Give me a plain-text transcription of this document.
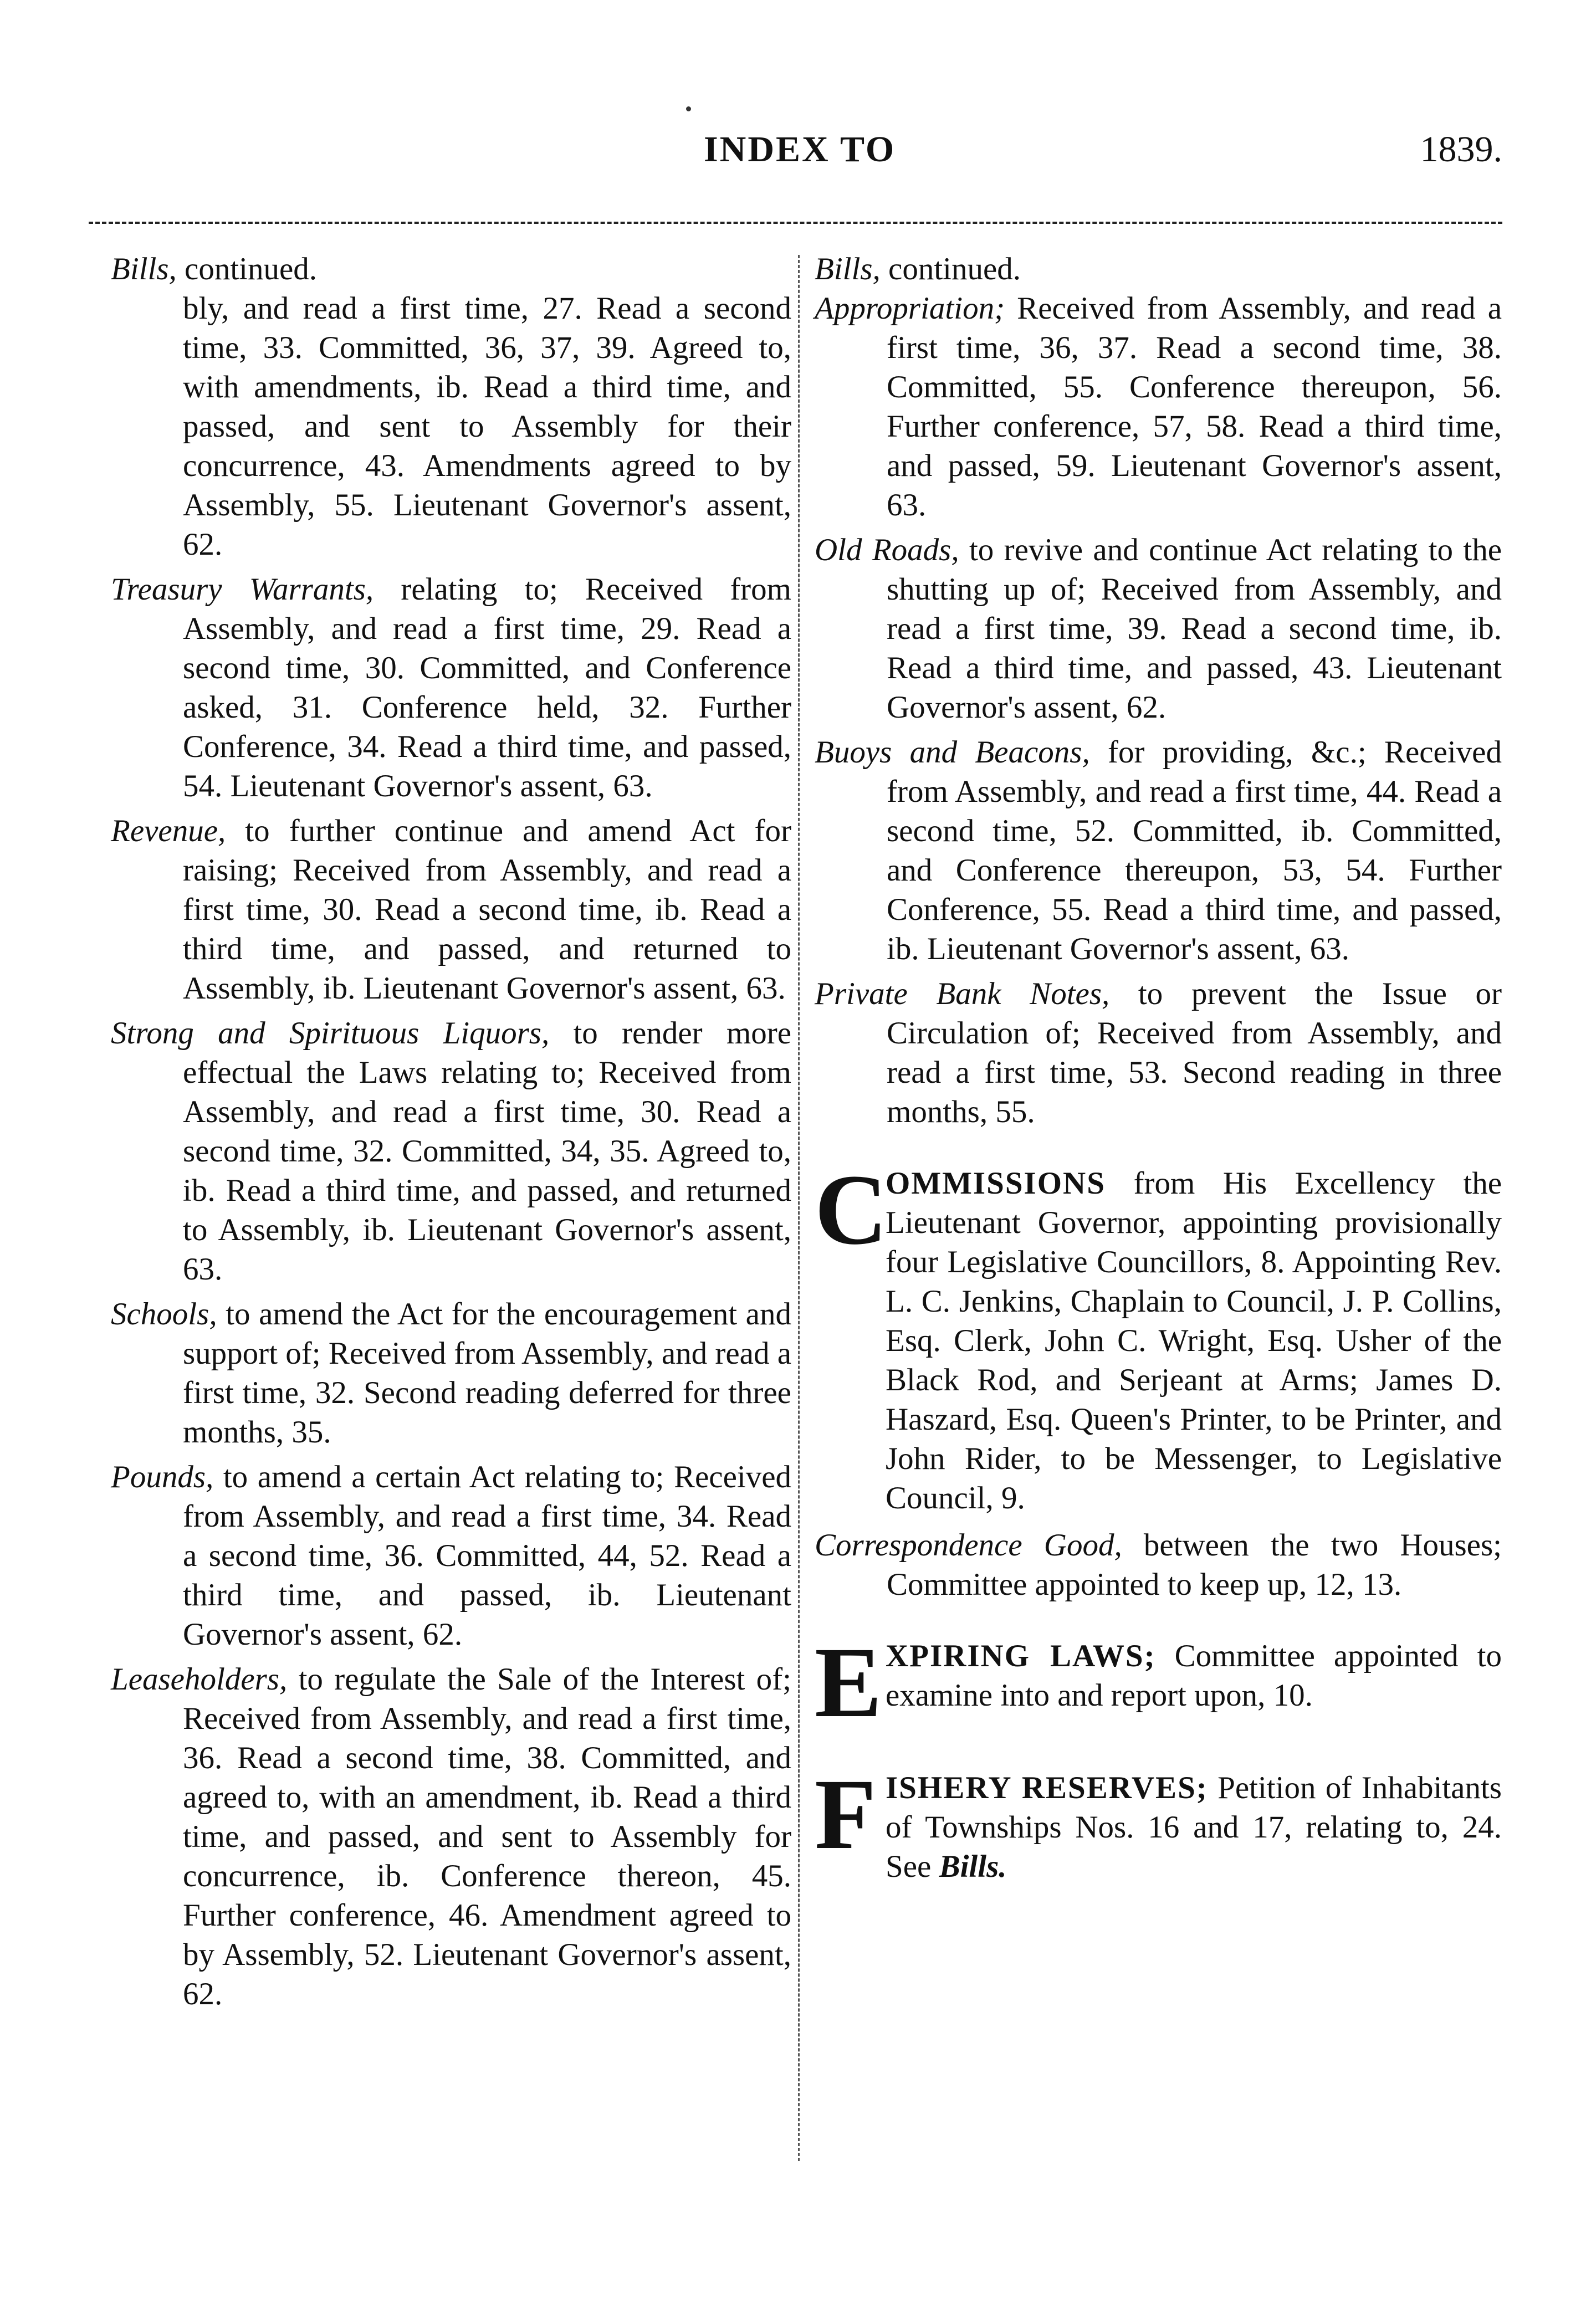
INDEX TO	1839.
Bills, continued.
bly, and read a first time, 27. Read a second time, 33. Committed, 36, 37, 39. Agreed to, with amendments, ib. Read a third time, and passed, and sent to Assembly for their concurrence, 43. Amendments agreed to by Assembly, 55. Lieutenant Governor's assent, 62.
Treasury Warrants, relating to; Received from Assembly, and read a first time, 29. Read a second time, 30. Committed, and Conference asked, 31. Conference held, 32. Further Conference, 34. Read a third time, and passed, 54. Lieutenant Governor's assent, 63.
Revenue, to further continue and amend Act for raising; Received from Assembly, and read a first time, 30. Read a second time, ib. Read a third time, and passed, and returned to Assembly, ib. Lieutenant Governor's assent, 63.
Strong and Spirituous Liquors, to render more effectual the Laws relating to; Received from Assembly, and read a first time, 30. Read a second time, 32. Committed, 34, 35. Agreed to, ib. Read a third time, and passed, and returned to Assembly, ib. Lieutenant Governor's assent, 63.
Schools, to amend the Act for the encouragement and support of; Received from Assembly, and read a first time, 32. Second reading deferred for three months, 35.
Pounds, to amend a certain Act relating to; Received from Assembly, and read a first time, 34. Read a second time, 36. Committed, 44, 52. Read a third time, and passed, ib. Lieutenant Governor's assent, 62.
Leaseholders, to regulate the Sale of the Interest of; Received from Assembly, and read a first time, 36. Read a second time, 38. Committed, and agreed to, with an amendment, ib. Read a third time, and passed, and sent to Assembly for concurrence, ib. Conference thereon, 45. Further conference, 46. Amendment agreed to by Assembly, 52. Lieutenant Governor's assent, 62.
Bills, continued.
Appropriation; Received from Assembly, and read a first time, 36, 37. Read a second time, 38. Committed, 55. Conference thereupon, 56. Further conference, 57, 58. Read a third time, and passed, 59. Lieutenant Governor's assent, 63.
Old Roads, to revive and continue Act relating to the shutting up of; Received from Assembly, and read a first time, 39. Read a second time, ib. Read a third time, and passed, 43. Lieutenant Governor's assent, 62.
Buoys and Beacons, for providing, &c.; Received from Assembly, and read a first time, 44. Read a second time, 52. Committed, ib. Committed, and Conference thereupon, 53, 54. Further Conference, 55. Read a third time, and passed, ib. Lieutenant Governor's assent, 63.
Private Bank Notes, to prevent the Issue or Circulation of; Received from Assembly, and read a first time, 53. Second reading in three months, 55.
C
OMMISSIONS from His Excellency the Lieutenant Governor, appointing provisionally four Legislative Councillors, 8. Appointing Rev. L. C. Jenkins, Chaplain to Council, J. P. Collins, Esq. Clerk, John C. Wright, Esq. Usher of the Black Rod, and Serjeant at Arms; James D. Haszard, Esq. Queen's Printer, to be Printer, and John Rider, to be Messenger, to Legislative Council, 9.
Correspondence Good, between the two Houses; Committee appointed to keep up, 12, 13.
E XPIRING LAWS; Committee appointed to examine into and report upon, 10.
F ISHERY RESERVES; Petition of Inhabitants of Townships Nos. 16 and 17, relating to, 24. See Bills.
